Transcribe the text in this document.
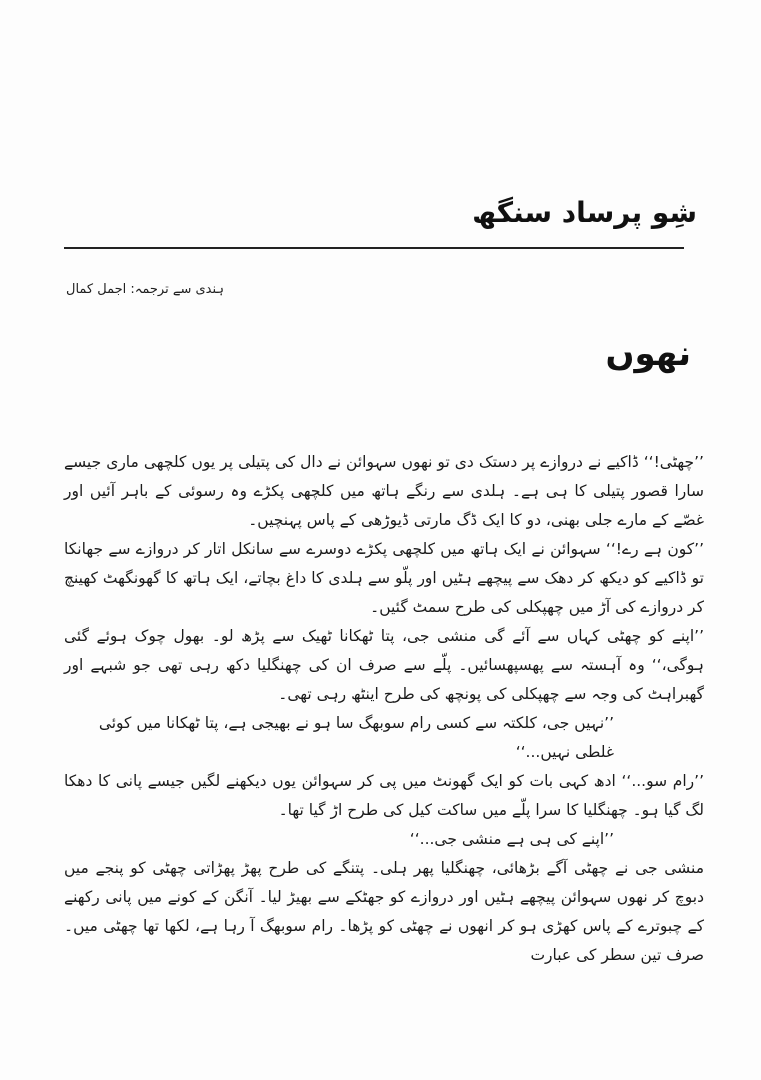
شِو پرساد سنگھ
ہندی سے ترجمہ: اجمل کمال
نھوں

’’چھٹی!‘‘ ڈاکیے نے دروازے پر دستک دی تو نھوں سہوائن نے دال کی پتیلی پر یوں کلچھی ماری جیسے سارا قصور پتیلی کا ہی ہے۔ ہلدی سے رنگے ہاتھ میں کلچھی پکڑے وہ رسوئی کے باہر آئیں اور غصّے کے مارے جلی بھنی، دو کا ایک ڈگ مارتی ڈیوڑھی کے پاس پہنچیں۔

’’کون ہے رے!‘‘ سہوائن نے ایک ہاتھ میں کلچھی پکڑے دوسرے سے سانکل اتار کر دروازے سے جھانکا تو ڈاکیے کو دیکھ کر دھک سے پیچھے ہٹیں اور پلّو سے ہلدی کا داغ بچاتے، ایک ہاتھ کا گھونگھٹ کھینچ کر دروازے کی آڑ میں چھپکلی کی طرح سمٹ گئیں۔

’’اپنے کو چھٹی کہاں سے آئے گی منشی جی، پتا ٹھکانا ٹھیک سے پڑھ لو۔ بھول چوک ہوئے گئی ہوگی،‘‘ وہ آہستہ سے پھسپھسائیں۔ پلّے سے صرف ان کی چھنگلیا دکھ رہی تھی جو شبہے اور گھبراہٹ کی وجہ سے چھپکلی کی پونچھ کی طرح اینٹھ رہی تھی۔

’’نہیں جی، کلکتہ سے کسی رام سوبھگ سا ہو نے بھیجی ہے، پتا ٹھکانا میں کوئی غلطی نہیں...‘‘

’’رام سو...‘‘ ادھ کہی بات کو ایک گھونٹ میں پی کر سہوائن یوں دیکھنے لگیں جیسے پانی کا دھکا لگ گیا ہو۔ چھنگلیا کا سرا پلّے میں ساکت کیل کی طرح اڑ گیا تھا۔

’’اپنے کی ہی ہے منشی جی...‘‘

منشی جی نے چھٹی آگے بڑھائی، چھنگلیا پھر ہلی۔ پتنگے کی طرح پھڑ پھڑاتی چھٹی کو پنجے میں دبوچ کر نھوں سہوائن پیچھے ہٹیں اور دروازے کو جھٹکے سے بھیڑ لیا۔ آنگن کے کونے میں پانی رکھنے کے چبوترے کے پاس کھڑی ہو کر انھوں نے چھٹی کو پڑھا۔ رام سوبھگ آ رہا ہے، لکھا تھا چھٹی میں۔ صرف تین سطر کی عبارت
